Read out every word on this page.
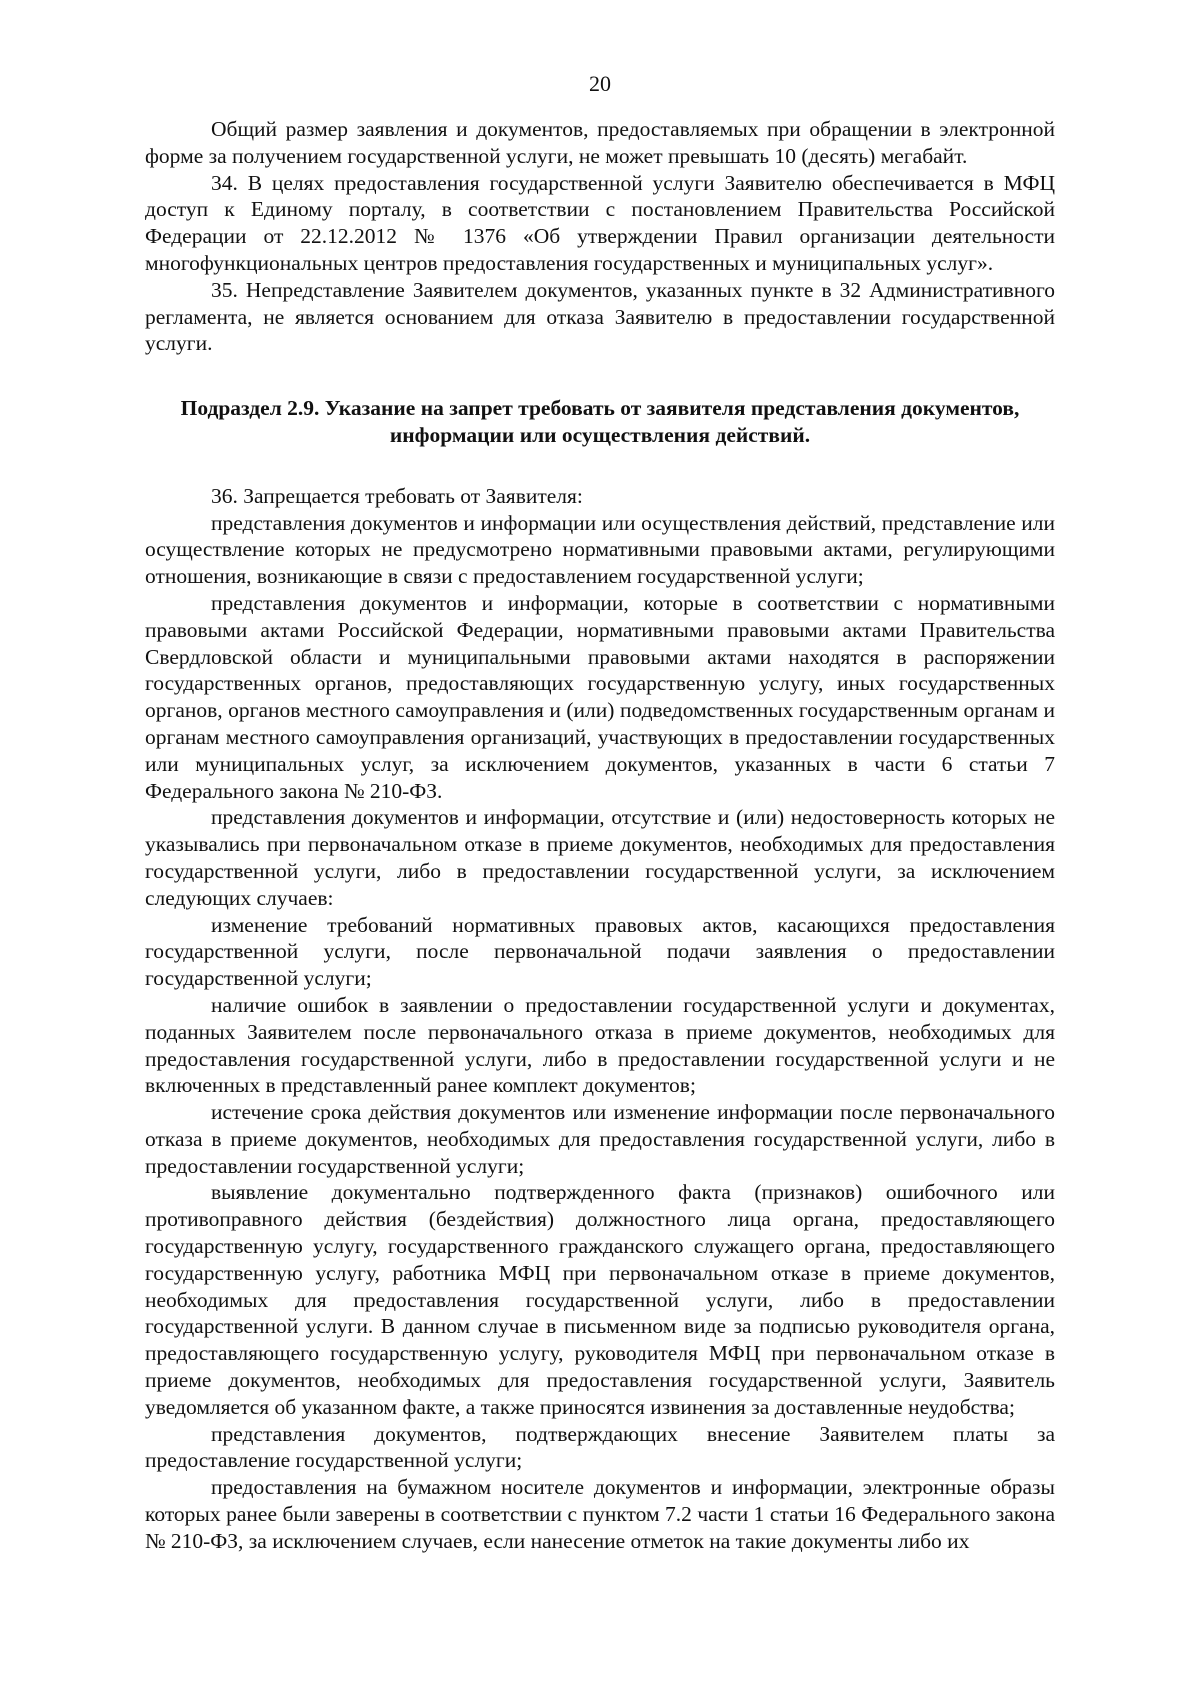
20

Общий размер заявления и документов, предоставляемых при обращении в электронной форме за получением государственной услуги, не может превышать 10 (десять) мегабайт.

34. В целях предоставления государственной услуги Заявителю обеспечивается в МФЦ доступ к Единому порталу, в соответствии с постановлением Правительства Российской Федерации от 22.12.2012 № 1376 «Об утверждении Правил организации деятельности многофункциональных центров предоставления государственных и муниципальных услуг».

35. Непредставление Заявителем документов, указанных пункте в 32 Административного регламента, не является основанием для отказа Заявителю в предоставлении государственной услуги.

Подраздел 2.9. Указание на запрет требовать от заявителя представления документов,
информации или осуществления действий.

36. Запрещается требовать от Заявителя:

представления документов и информации или осуществления действий, представление или осуществление которых не предусмотрено нормативными правовыми актами, регулирующими отношения, возникающие в связи с предоставлением государственной услуги;

представления документов и информации, которые в соответствии с нормативными правовыми актами Российской Федерации, нормативными правовыми актами Правительства Свердловской области и муниципальными правовыми актами находятся в распоряжении государственных органов, предоставляющих государственную услугу, иных государственных органов, органов местного самоуправления и (или) подведомственных государственным органам и органам местного самоуправления организаций, участвующих в предоставлении государственных или муниципальных услуг, за исключением документов, указанных в части 6 статьи 7 Федерального закона № 210-ФЗ.

представления документов и информации, отсутствие и (или) недостоверность которых не указывались при первоначальном отказе в приеме документов, необходимых для предоставления государственной услуги, либо в предоставлении государственной услуги, за исключением следующих случаев:

изменение требований нормативных правовых актов, касающихся предоставления государственной услуги, после первоначальной подачи заявления о предоставлении государственной услуги;

наличие ошибок в заявлении о предоставлении государственной услуги и документах, поданных Заявителем после первоначального отказа в приеме документов, необходимых для предоставления государственной услуги, либо в предоставлении государственной услуги и не включенных в представленный ранее комплект документов;

истечение срока действия документов или изменение информации после первоначального отказа в приеме документов, необходимых для предоставления государственной услуги, либо в предоставлении государственной услуги;

выявление документально подтвержденного факта (признаков) ошибочного или противоправного действия (бездействия) должностного лица органа, предоставляющего государственную услугу, государственного гражданского служащего органа, предоставляющего государственную услугу, работника МФЦ при первоначальном отказе в приеме документов, необходимых для предоставления государственной услуги, либо в предоставлении государственной услуги. В данном случае в письменном виде за подписью руководителя органа, предоставляющего государственную услугу, руководителя МФЦ при первоначальном отказе в приеме документов, необходимых для предоставления государственной услуги, Заявитель уведомляется об указанном факте, а также приносятся извинения за доставленные неудобства;

представления документов, подтверждающих внесение Заявителем платы за предоставление государственной услуги;

предоставления на бумажном носителе документов и информации, электронные образы которых ранее были заверены в соответствии с пунктом 7.2 части 1 статьи 16 Федерального закона № 210-ФЗ, за исключением случаев, если нанесение отметок на такие документы либо их
